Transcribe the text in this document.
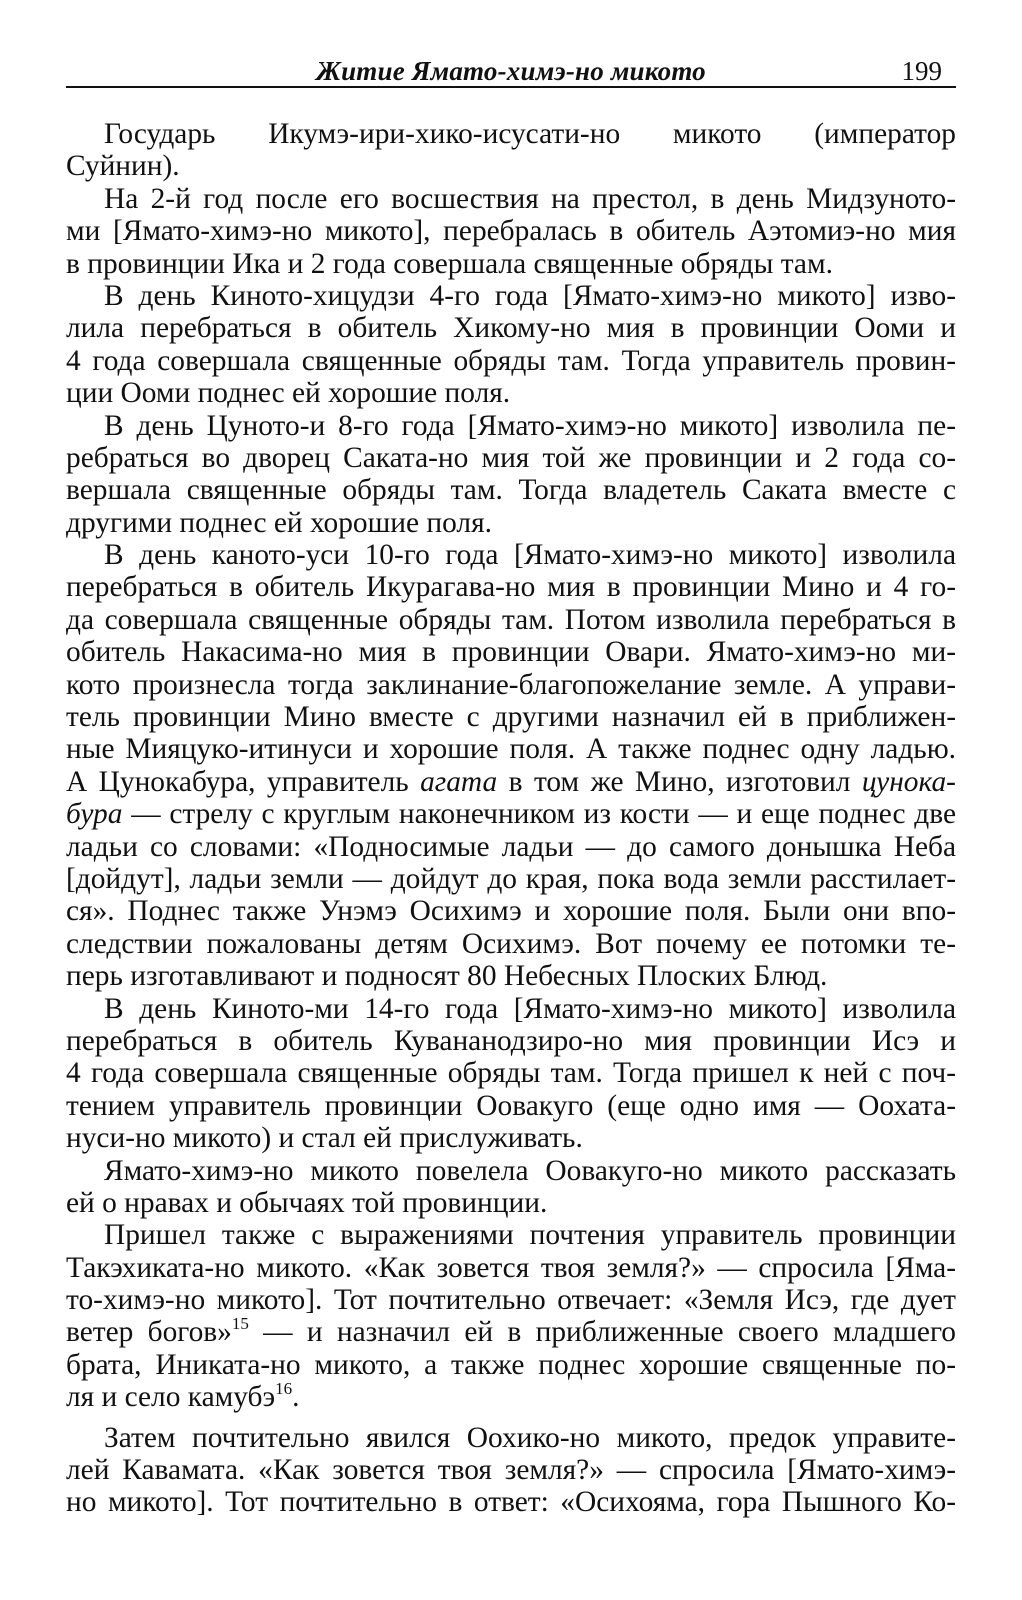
Житие Ямато-химэ-но микото	199
Государь Икумэ-ири-хико-исусати-но микото (император
Суйнин).
На 2-й год после его восшествия на престол, в день Мидзуното-
ми [Ямато-химэ-но микото], перебралась в обитель Аэтомиэ-но мия
в провинции Ика и 2 года совершала священные обряды там.
В день Киното-хицудзи 4-го года [Ямато-химэ-но микото] изво-
лила перебраться в обитель Хикому-но мия в провинции Ооми и
4 года совершала священные обряды там. Тогда управитель провин-
ции Ооми поднес ей хорошие поля.
В день Цуното-и 8-го года [Ямато-химэ-но микото] изволила пе-
ребраться во дворец Саката-но мия той же провинции и 2 года со-
вершала священные обряды там. Тогда владетель Саката вместе с
другими поднес ей хорошие поля.
В день каното-уси 10-го года [Ямато-химэ-но микото] изволила
перебраться в обитель Икурагава-но мия в провинции Мино и 4 го-
да совершала священные обряды там. Потом изволила перебраться в
обитель Накасима-но мия в провинции Овари. Ямато-химэ-но ми-
кото произнесла тогда заклинание-благопожелание земле. А управи-
тель провинции Мино вместе с другими назначил ей в приближен-
ные Мияцуко-итинуси и хорошие поля. А также поднес одну ладью.
А Цунокабура, управитель агата в том же Мино, изготовил цунока-
бура — стрелу с круглым наконечником из кости — и еще поднес две
ладьи со словами: «Подносимые ладьи — до самого донышка Неба
[дойдут], ладьи земли — дойдут до края, пока вода земли расстилает-
ся». Поднес также Унэмэ Осихимэ и хорошие поля. Были они впо-
следствии пожалованы детям Осихимэ. Вот почему ее потомки те-
перь изготавливают и подносят 80 Небесных Плоских Блюд.
В день Киното-ми 14-го года [Ямато-химэ-но микото] изволила
перебраться в обитель Кувананодзиро-но мия провинции Исэ и
4 года совершала священные обряды там. Тогда пришел к ней с поч-
тением управитель провинции Оовакуго (еще одно имя — Оохата-
нуси-но микото) и стал ей прислуживать.
Ямато-химэ-но микото повелела Оовакуго-но микото рассказать
ей о нравах и обычаях той провинции.
Пришел также с выражениями почтения управитель провинции
Такэхиката-но микото. «Как зовется твоя земля?» — спросила [Яма-
то-химэ-но микото]. Тот почтительно отвечает: «Земля Исэ, где дует
ветер богов»$^{15}$ — и назначил ей в приближенные своего младшего
брата, Иниката-но микото, а также поднес хорошие священные по-
ля и село камубэ$^{16}$.
Затем почтительно явился Оохико-но микото, предок управите-
лей Кавамата. «Как зовется твоя земля?» — спросила [Ямато-химэ-
но микото]. Тот почтительно в ответ: «Осихояма, гора Пышного Ко-
